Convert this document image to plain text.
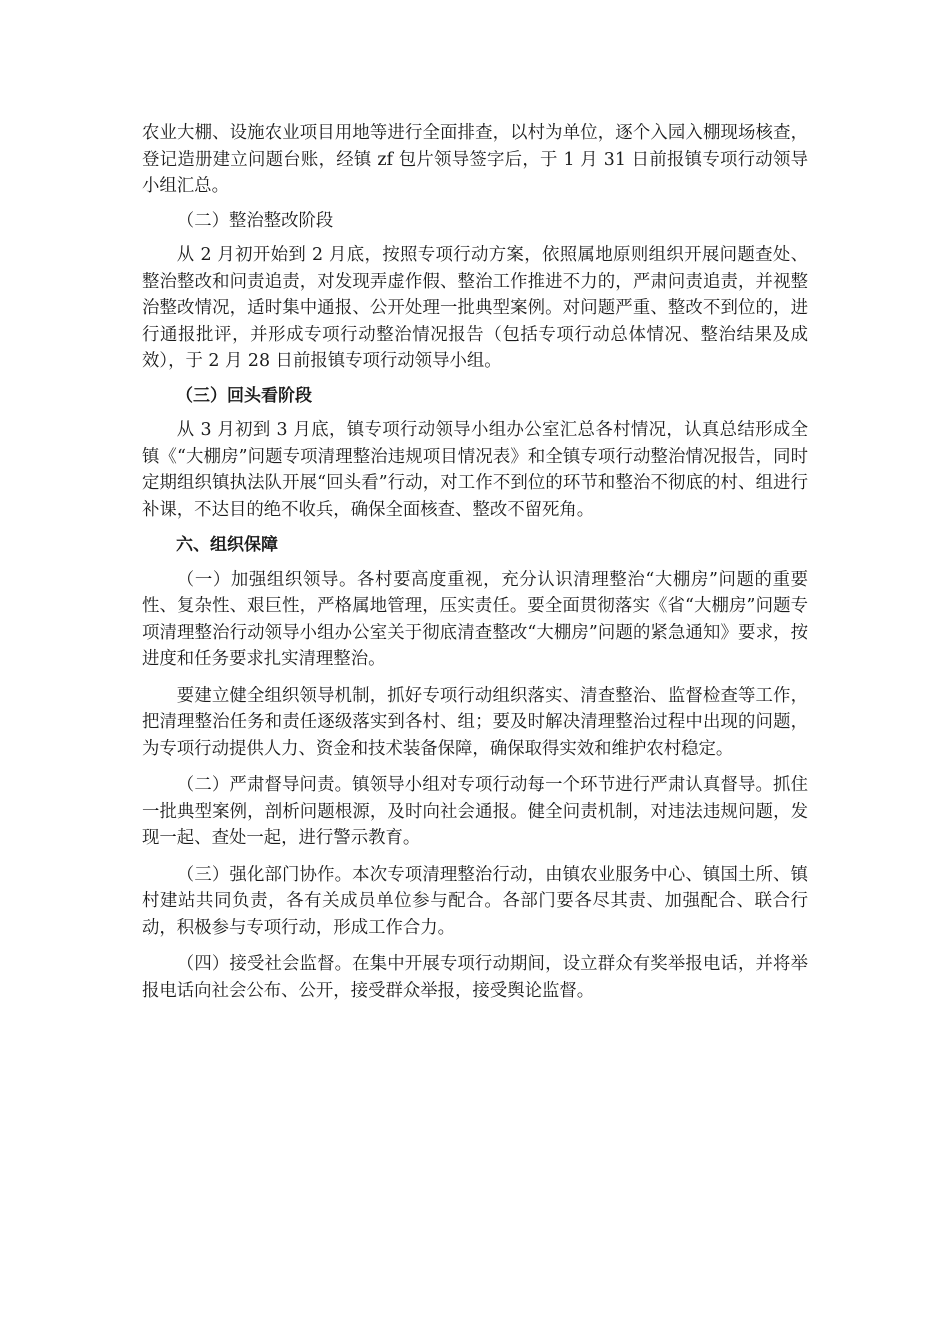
农业大棚、设施农业项目用地等进行全面排查，以村为单位，逐个入园入棚现场核查，登记造册建立问题台账，经镇 zf 包片领导签字后，于 1 月 31 日前报镇专项行动领导小组汇总。

（二）整治整改阶段

从 2 月初开始到 2 月底，按照专项行动方案，依照属地原则组织开展问题查处、整治整改和问责追责，对发现弄虚作假、整治工作推进不力的，严肃问责追责，并视整治整改情况，适时集中通报、公开处理一批典型案例。对问题严重、整改不到位的，进行通报批评，并形成专项行动整治情况报告（包括专项行动总体情况、整治结果及成效），于 2 月 28 日前报镇专项行动领导小组。

（三）回头看阶段

从 3 月初到 3 月底，镇专项行动领导小组办公室汇总各村情况，认真总结形成全镇《“大棚房”问题专项清理整治违规项目情况表》和全镇专项行动整治情况报告，同时定期组织镇执法队开展“回头看”行动，对工作不到位的环节和整治不彻底的村、组进行补课，不达目的绝不收兵，确保全面核查、整改不留死角。

六、组织保障

（一）加强组织领导。各村要高度重视，充分认识清理整治“大棚房”问题的重要性、复杂性、艰巨性，严格属地管理，压实责任。要全面贯彻落实《省“大棚房”问题专项清理整治行动领导小组办公室关于彻底清查整改“大棚房”问题的紧急通知》要求，按进度和任务要求扎实清理整治。

要建立健全组织领导机制，抓好专项行动组织落实、清查整治、监督检查等工作，把清理整治任务和责任逐级落实到各村、组；要及时解决清理整治过程中出现的问题，为专项行动提供人力、资金和技术装备保障，确保取得实效和维护农村稳定。

（二）严肃督导问责。镇领导小组对专项行动每一个环节进行严肃认真督导。抓住一批典型案例，剖析问题根源，及时向社会通报。健全问责机制，对违法违规问题，发现一起、查处一起，进行警示教育。

（三）强化部门协作。本次专项清理整治行动，由镇农业服务中心、镇国土所、镇村建站共同负责，各有关成员单位参与配合。各部门要各尽其责、加强配合、联合行动，积极参与专项行动，形成工作合力。

（四）接受社会监督。在集中开展专项行动期间，设立群众有奖举报电话，并将举报电话向社会公布、公开，接受群众举报，接受舆论监督。
